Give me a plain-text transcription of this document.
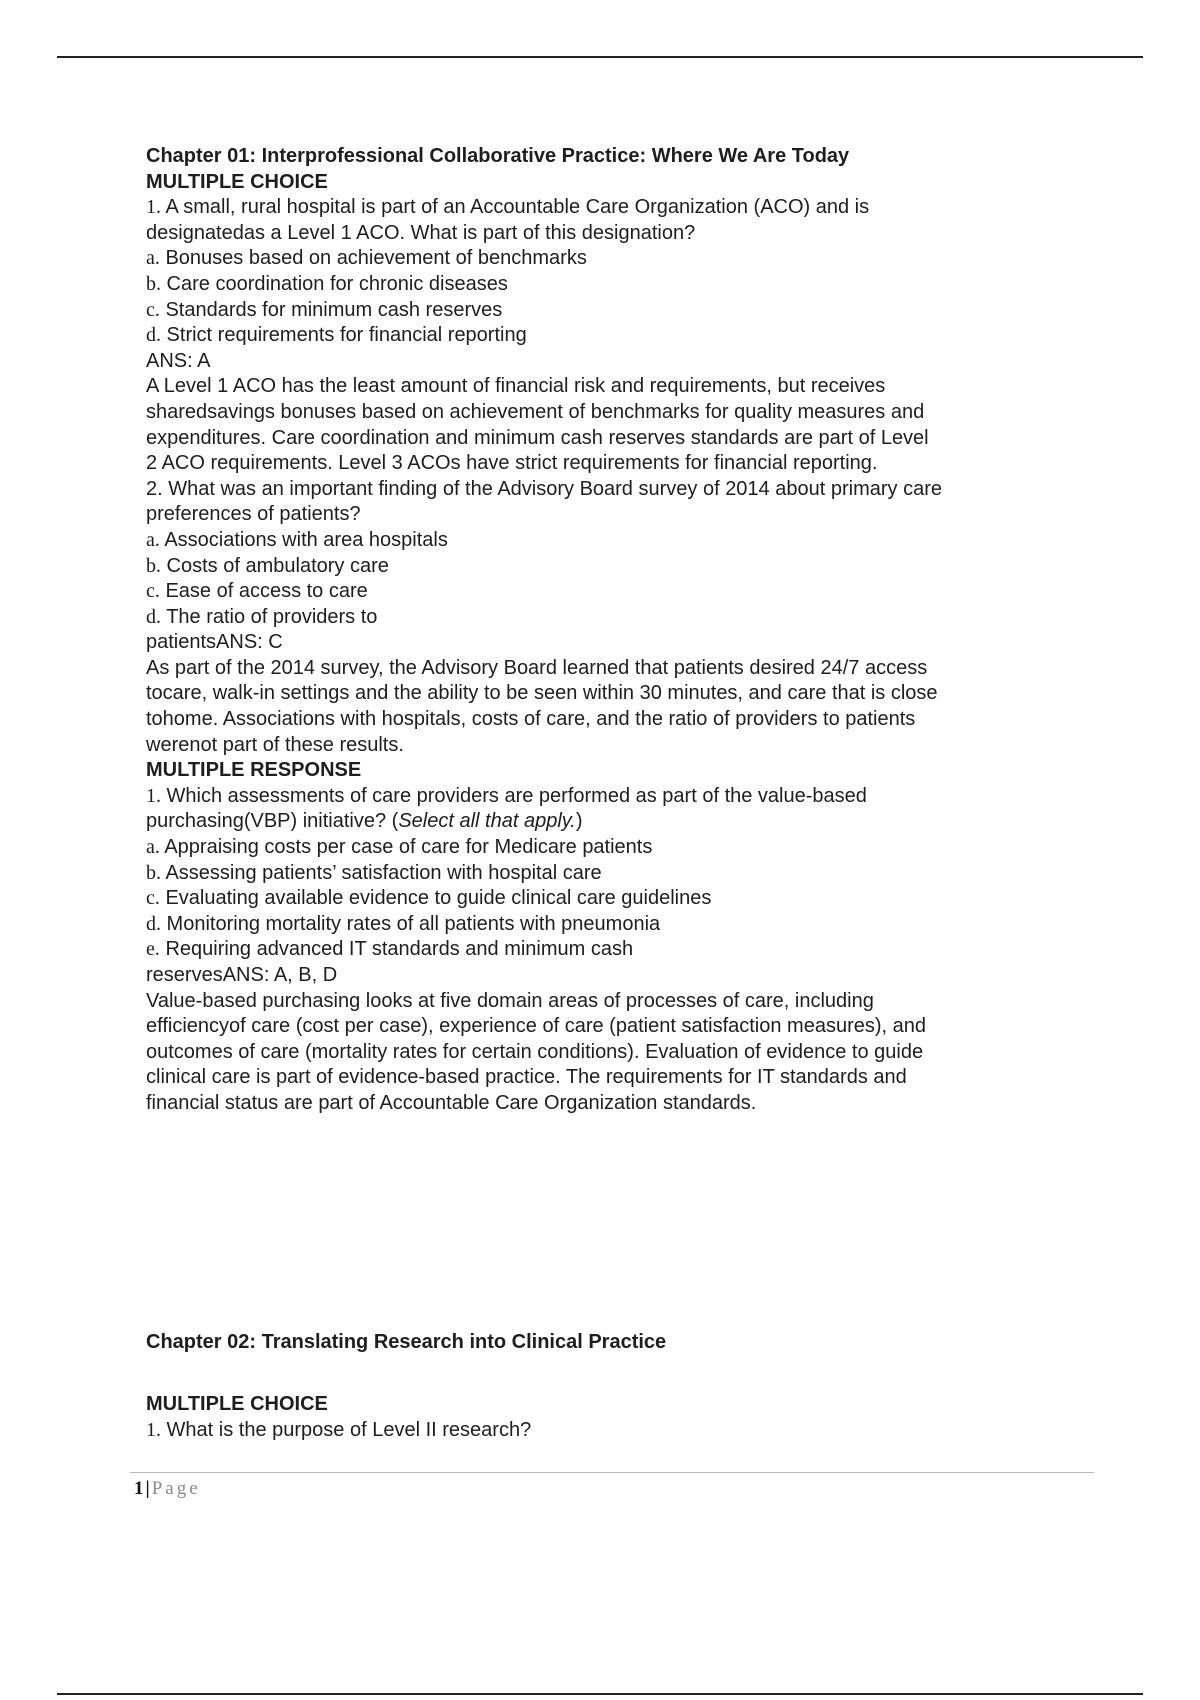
Chapter 01: Interprofessional Collaborative Practice: Where We Are Today
MULTIPLE CHOICE
1. A small, rural hospital is part of an Accountable Care Organization (ACO) and is
designatedas a Level 1 ACO. What is part of this designation?
a. Bonuses based on achievement of benchmarks
b. Care coordination for chronic diseases
c. Standards for minimum cash reserves
d. Strict requirements for financial reporting
ANS: A
A Level 1 ACO has the least amount of financial risk and requirements, but receives
sharedsavings bonuses based on achievement of benchmarks for quality measures and
expenditures. Care coordination and minimum cash reserves standards are part of Level
2 ACO requirements. Level 3 ACOs have strict requirements for financial reporting.
2. What was an important finding of the Advisory Board survey of 2014 about primary care
preferences of patients?
a. Associations with area hospitals
b. Costs of ambulatory care
c. Ease of access to care
d. The ratio of providers to
patientsANS: C
As part of the 2014 survey, the Advisory Board learned that patients desired 24/7 access
tocare, walk-in settings and the ability to be seen within 30 minutes, and care that is close
tohome. Associations with hospitals, costs of care, and the ratio of providers to patients
werenot part of these results.
MULTIPLE RESPONSE
1. Which assessments of care providers are performed as part of the value-based
purchasing(VBP) initiative? (Select all that apply.)
a. Appraising costs per case of care for Medicare patients
b. Assessing patients’ satisfaction with hospital care
c. Evaluating available evidence to guide clinical care guidelines
d. Monitoring mortality rates of all patients with pneumonia
e. Requiring advanced IT standards and minimum cash
reservesANS: A, B, D
Value-based purchasing looks at five domain areas of processes of care, including
efficiencyof care (cost per case), experience of care (patient satisfaction measures), and
outcomes of care (mortality rates for certain conditions). Evaluation of evidence to guide
clinical care is part of evidence-based practice. The requirements for IT standards and
financial status are part of Accountable Care Organization standards.
Chapter 02: Translating Research into Clinical Practice
MULTIPLE CHOICE
1. What is the purpose of Level II research?
1 | Page
